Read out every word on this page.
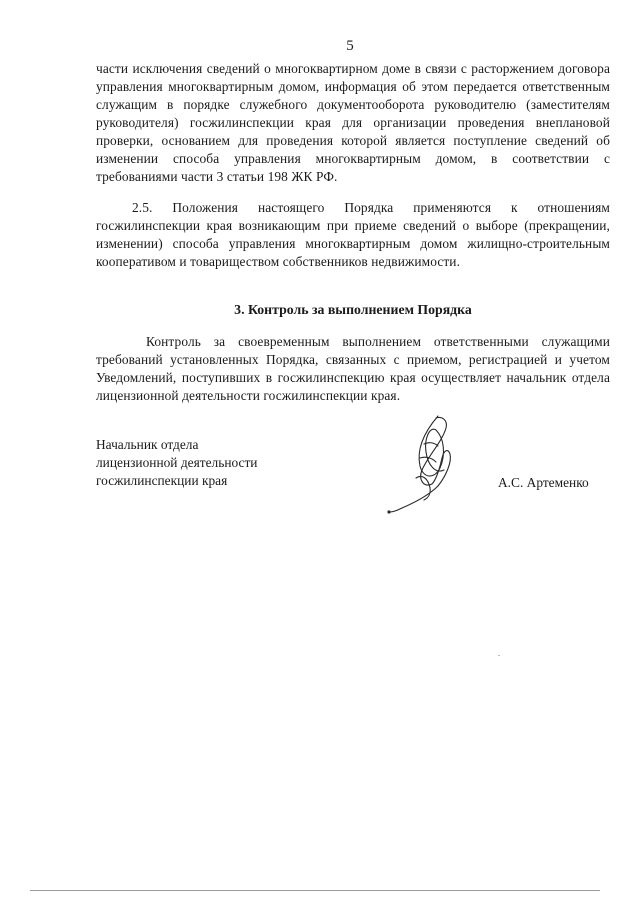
5

части исключения сведений о многоквартирном доме в связи с расторжением договора управления многоквартирным домом, информация об этом передается ответственным служащим в порядке служебного документооборота руководителю (заместителям руководителя) госжилинспекции края для организации проведения внеплановой проверки, основанием для проведения которой является поступление сведений об изменении способа управления многоквартирным домом, в соответствии с требованиями части 3 статьи 198 ЖК РФ.

2.5. Положения настоящего Порядка применяются к отношениям госжилинспекции края возникающим при приеме сведений о выборе (прекращении, изменении) способа управления многоквартирным домом жилищно-строительным кооперативом и товариществом собственников недвижимости.

3. Контроль за выполнением Порядка

Контроль за своевременным выполнением ответственными служащими требований установленных Порядка, связанных с приемом, регистрацией и учетом Уведомлений, поступивших в госжилинспекцию края осуществляет начальник отдела лицензионной деятельности госжилинспекции края.

Начальник отдела
лицензионной деятельности
госжилинспекции края	А.С. Артеменко
